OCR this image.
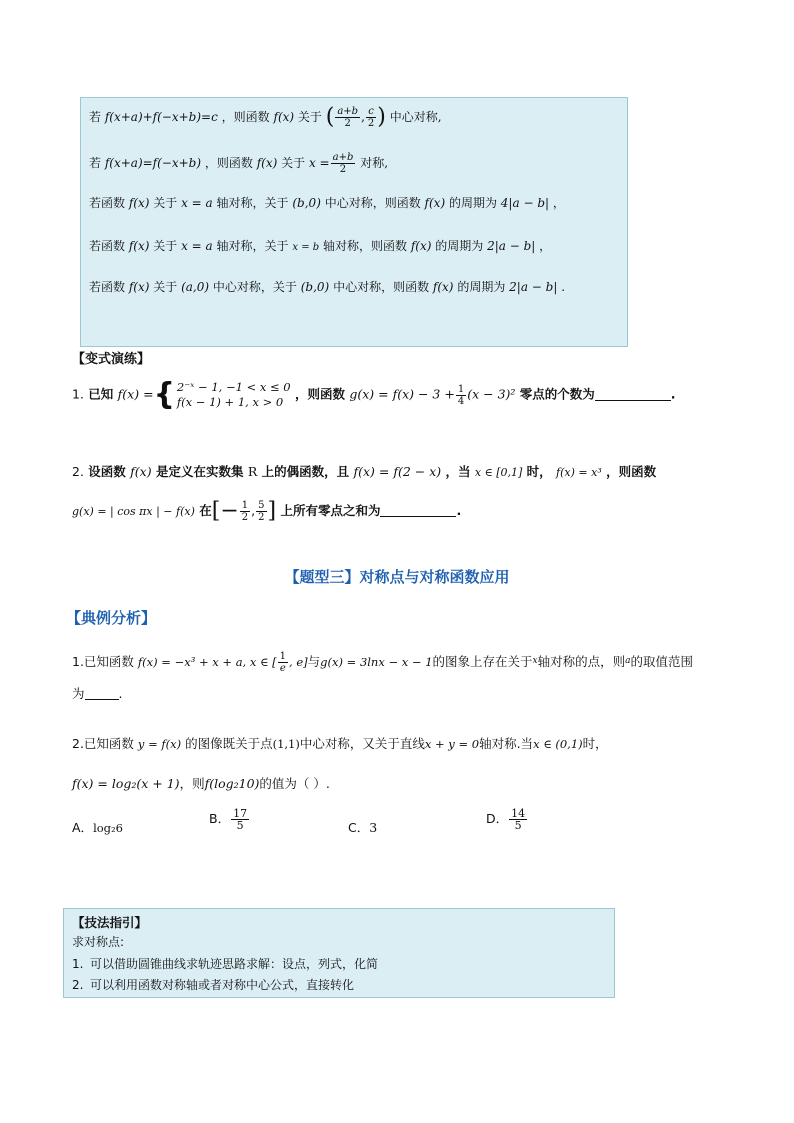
若 f(x+a)+f(−x+b)=c ，则函数 f(x) 关于 ( $\frac{a+b}{2}$ , $\frac{c}{2}$ ) 中心对称,
若 f(x+a)=f(−x+b) ，则函数 f(x) 关于 $x = \frac{a+b}{2}$ 对称,
若函数 f(x) 关于 x = a 轴对称，关于 (b,0) 中心对称，则函数 f(x) 的周期为 4|a − b| ，
若函数 f(x) 关于 x = a 轴对称，关于 x = b 轴对称，则函数 f(x) 的周期为 2|a − b| ，
若函数 f(x) 关于 (a,0) 中心对称，关于 (b,0) 中心对称，则函数 f(x) 的周期为 2|a − b| .
【变式演练】
1. 已知 f(x) ={ 2⁻ˣ − 1, −1 < x ≤ 0
f(x − 1) + 1, x > 0
，则函数 $g(x) = f(x) - 3 + \frac{1}{4} (x - 3)^2$ 零点的个数为	.
2. 设函数 f(x) 是定义在实数集 R 上的偶函数，且 f(x) = f(2 − x) ，当 x ∈ [0,1] 时， f(x) = x³ ，则函数
g(x) = | cos πx | − f(x) 在[− $\frac{1}{2}$ , $\frac{5}{2}$ ] 上所有零点之和为	.
【题型三】对称点与对称函数应用
【典例分析】
1.已知函数 f(x) = −x³ + x + a, x ∈ [ $\frac{1}{e}$ , e]与g(x) = 3lnx − x − 1的图象上存在关于$^x$轴对称的点，则$^a$的取值范围
为	.
2.已知函数 y = f(x) 的图像既关于点(1,1)中心对称，又关于直线x + y = 0轴对称.当x ∈ (0,1)时，
f(x) = log₂(x + 1)，则f(log₂10)的值为（ ）.
A．log₂6
B． $\frac{17}{5}$	C．3
D． $\frac{14}{5}$
【技法指引】
求对称点:
1. 可以借助圆锥曲线求轨迹思路求解：设点，列式，化简
2. 可以利用函数对称轴或者对称中心公式，直接转化
